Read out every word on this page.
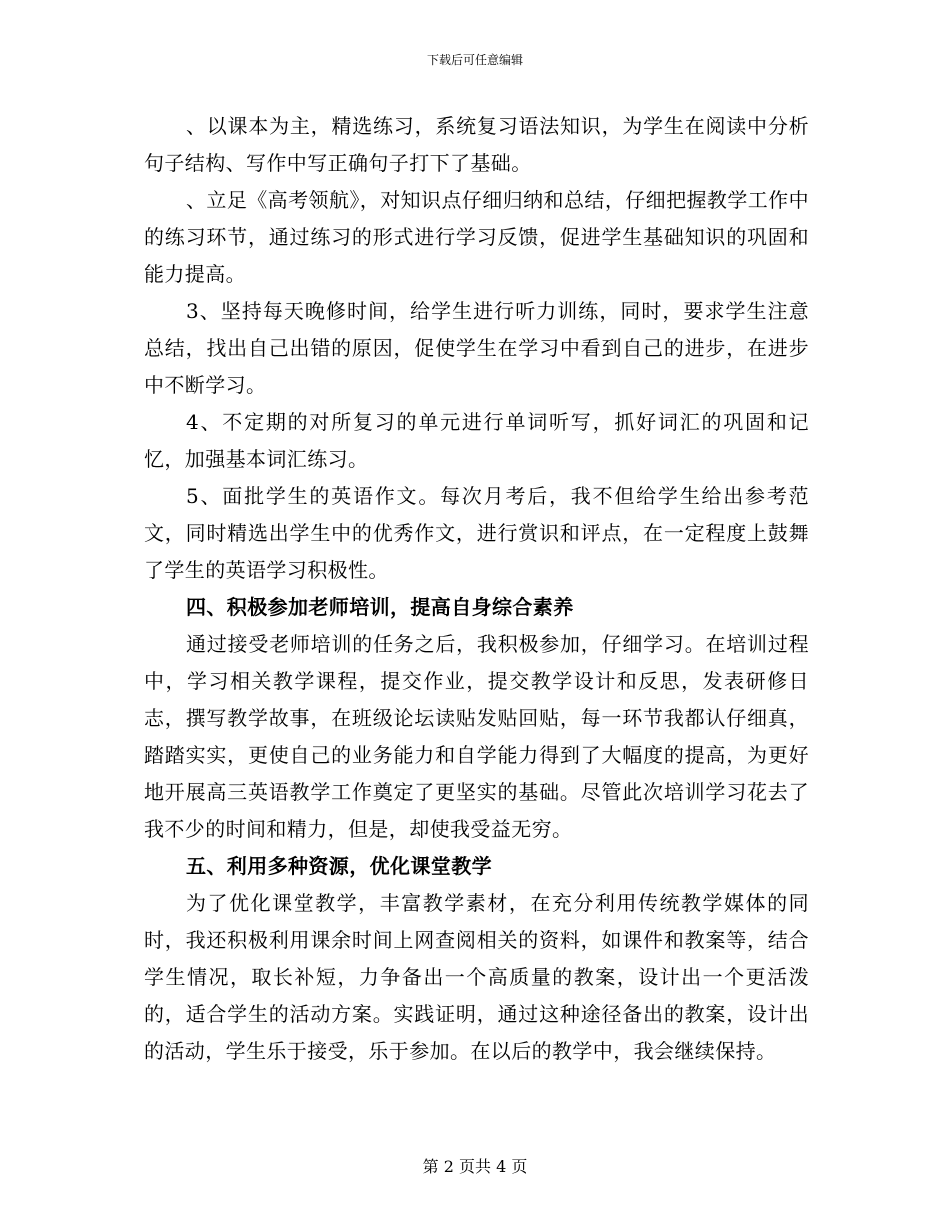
下载后可任意编辑

、以课本为主，精选练习，系统复习语法知识，为学生在阅读中分析句子结构、写作中写正确句子打下了基础。

、立足《高考领航》，对知识点仔细归纳和总结，仔细把握教学工作中的练习环节，通过练习的形式进行学习反馈，促进学生基础知识的巩固和能力提高。

3、坚持每天晚修时间，给学生进行听力训练，同时，要求学生注意总结，找出自己出错的原因，促使学生在学习中看到自己的进步，在进步中不断学习。

4、不定期的对所复习的单元进行单词听写，抓好词汇的巩固和记忆，加强基本词汇练习。

5、面批学生的英语作文。每次月考后，我不但给学生给出参考范文，同时精选出学生中的优秀作文，进行赏识和评点，在一定程度上鼓舞了学生的英语学习积极性。

四、积极参加老师培训，提高自身综合素养

通过接受老师培训的任务之后，我积极参加，仔细学习。在培训过程中，学习相关教学课程，提交作业，提交教学设计和反思，发表研修日志，撰写教学故事，在班级论坛读贴发贴回贴，每一环节我都认仔细真，踏踏实实，更使自己的业务能力和自学能力得到了大幅度的提高，为更好地开展高三英语教学工作奠定了更坚实的基础。尽管此次培训学习花去了我不少的时间和精力，但是，却使我受益无穷。

五、利用多种资源，优化课堂教学

为了优化课堂教学，丰富教学素材，在充分利用传统教学媒体的同时，我还积极利用课余时间上网查阅相关的资料，如课件和教案等，结合学生情况，取长补短，力争备出一个高质量的教案，设计出一个更活泼的，适合学生的活动方案。实践证明，通过这种途径备出的教案，设计出的活动，学生乐于接受，乐于参加。在以后的教学中，我会继续保持。

第 2 页共 4 页
